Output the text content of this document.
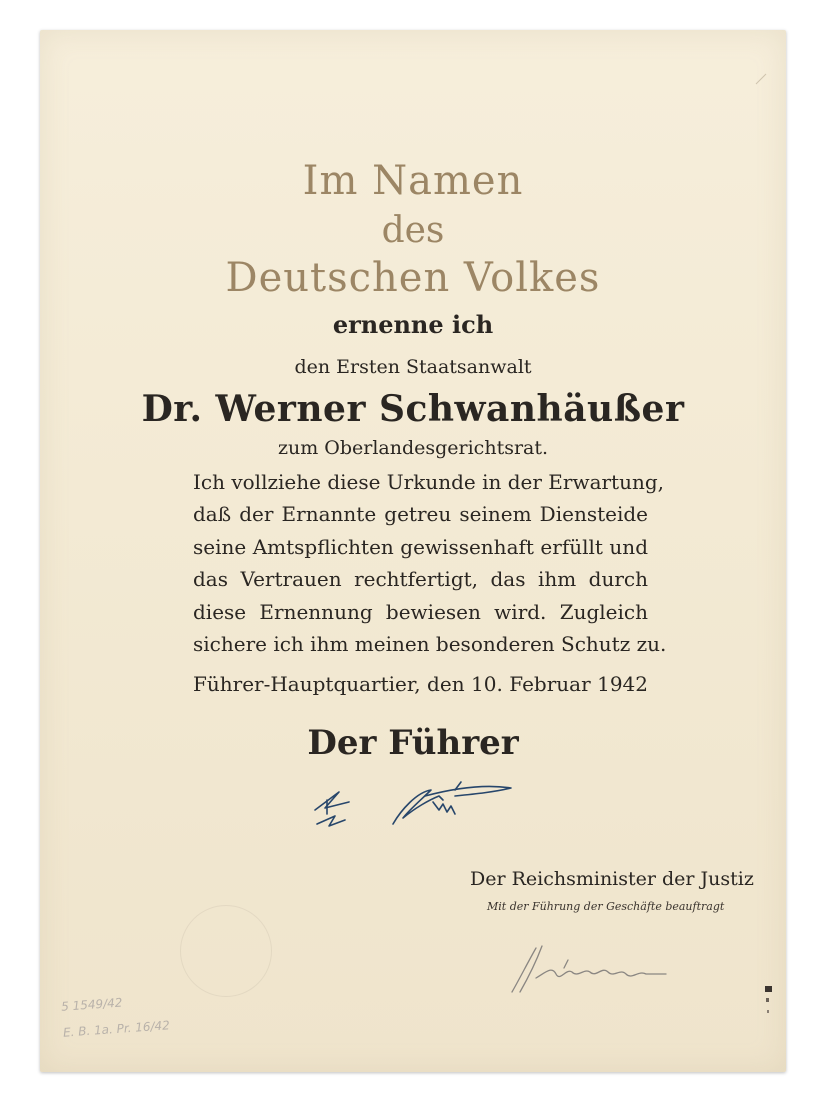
Im Namen
des
Deutschen Volkes
ernenne ich
den Ersten Staatsanwalt
Dr. Werner Schwanhäußer
zum Oberlandesgerichtsrat.
Ich vollziehe diese Urkunde in der Erwartung,
daß der Ernannte getreu seinem Diensteide
seine Amtspflichten gewissenhaft erfüllt und
das Vertrauen rechtfertigt, das ihm durch
diese Ernennung bewiesen wird. Zugleich
sichere ich ihm meinen besonderen Schutz zu.
Führer-Hauptquartier, den 10. Februar 1942
Der Führer
Der Reichsminister der Justiz
Mit der Führung der Geschäfte beauftragt
5 1549/42
E. B. 1a. Pr. 16/42
